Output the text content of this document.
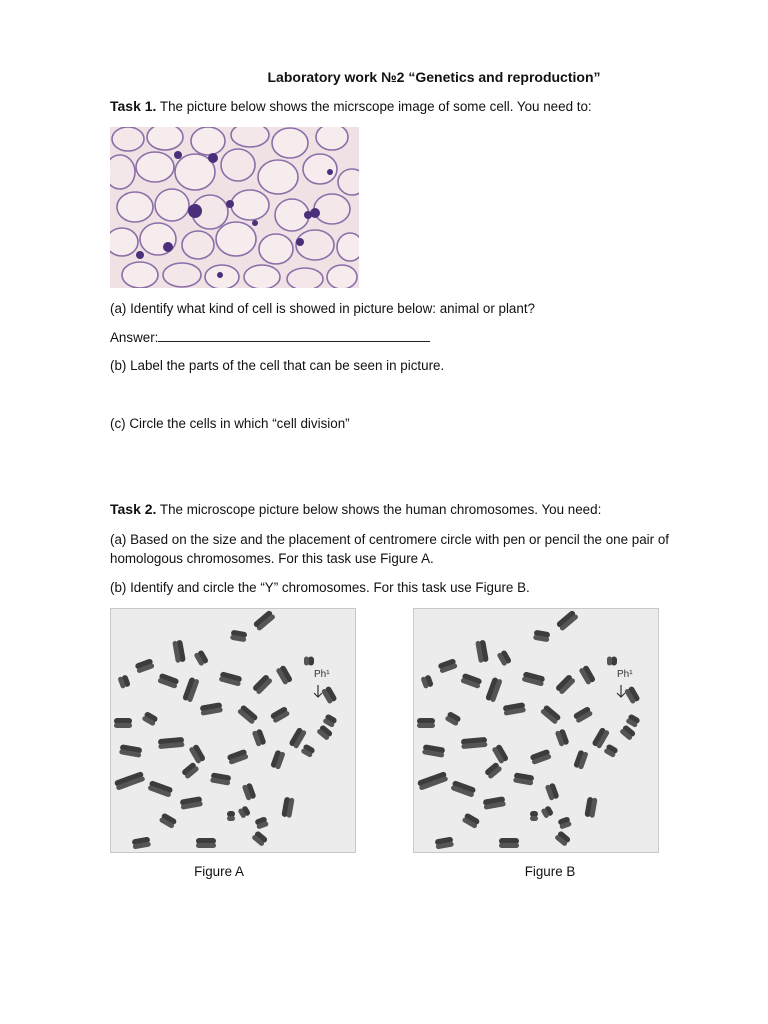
Laboratory work №2 “Genetics and reproduction”
Task 1. The picture below shows the micrscope image of some cell. You need to:
(a) Identify what kind of cell is showed in picture below: animal or plant?
Answer:
(b) Label the parts of the cell that can be seen in picture.
(c) Circle the cells in which “cell division”
Task 2. The microscope picture below shows the human chromosomes. You need:
(a) Based on the size and the placement of centromere circle with pen or pencil the one pair of homologous chromosomes. For this task use Figure A.
(b) Identify and circle the “Y” chromosomes. For this task use Figure B.
Ph¹	Ph¹
Figure A	Figure B
